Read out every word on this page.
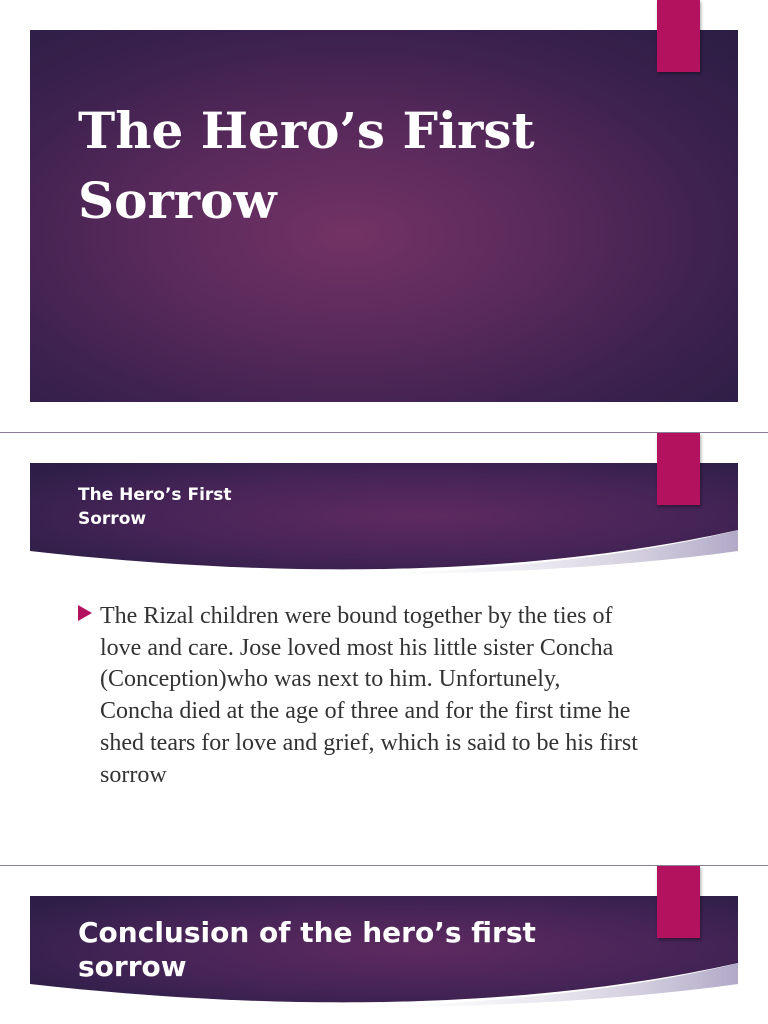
The Hero’s First Sorrow
The Hero’s First Sorrow

The Rizal children were bound together by the ties of love and care. Jose loved most his little sister Concha (Conception)who was next to him. Unfortunely, Concha died at the age of three and for the first time he shed tears for love and grief, which is said to be his first sorrow

Conclusion of the hero’s first sorrow
